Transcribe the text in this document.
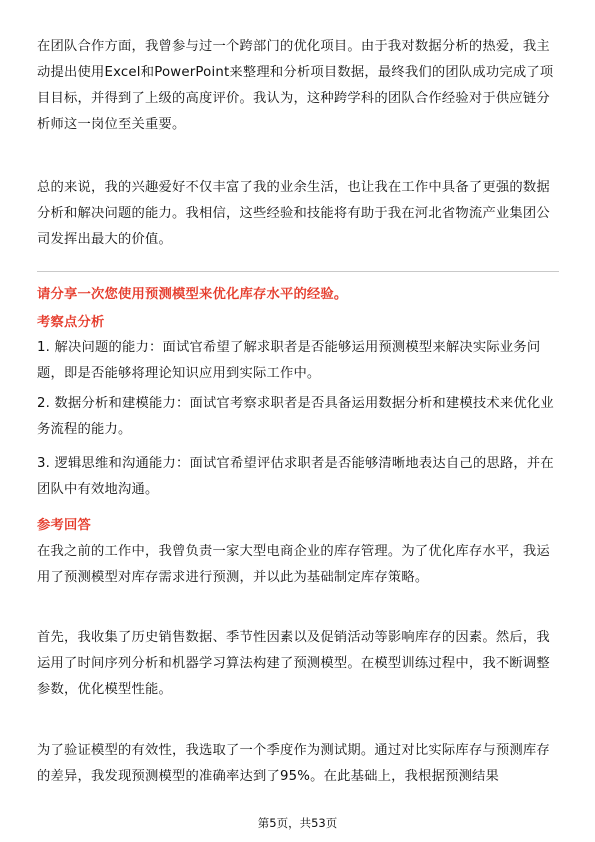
在团队合作方面，我曾参与过一个跨部门的优化项目。由于我对数据分析的热爱，我主动提出使用Excel和PowerPoint来整理和分析项目数据，最终我们的团队成功完成了项目目标，并得到了上级的高度评价。我认为，这种跨学科的团队合作经验对于供应链分析师这一岗位至关重要。

总的来说，我的兴趣爱好不仅丰富了我的业余生活，也让我在工作中具备了更强的数据分析和解决问题的能力。我相信，这些经验和技能将有助于我在河北省物流产业集团公司发挥出最大的价值。

请分享一次您使用预测模型来优化库存水平的经验。
考察点分析

1. 解决问题的能力：面试官希望了解求职者是否能够运用预测模型来解决实际业务问题，即是否能够将理论知识应用到实际工作中。

2. 数据分析和建模能力：面试官考察求职者是否具备运用数据分析和建模技术来优化业务流程的能力。

3. 逻辑思维和沟通能力：面试官希望评估求职者是否能够清晰地表达自己的思路，并在团队中有效地沟通。

参考回答

在我之前的工作中，我曾负责一家大型电商企业的库存管理。为了优化库存水平，我运用了预测模型对库存需求进行预测，并以此为基础制定库存策略。

首先，我收集了历史销售数据、季节性因素以及促销活动等影响库存的因素。然后，我运用了时间序列分析和机器学习算法构建了预测模型。在模型训练过程中，我不断调整参数，优化模型性能。

为了验证模型的有效性，我选取了一个季度作为测试期。通过对比实际库存与预测库存的差异，我发现预测模型的准确率达到了95%。在此基础上，我根据预测结果

第5页，共53页
